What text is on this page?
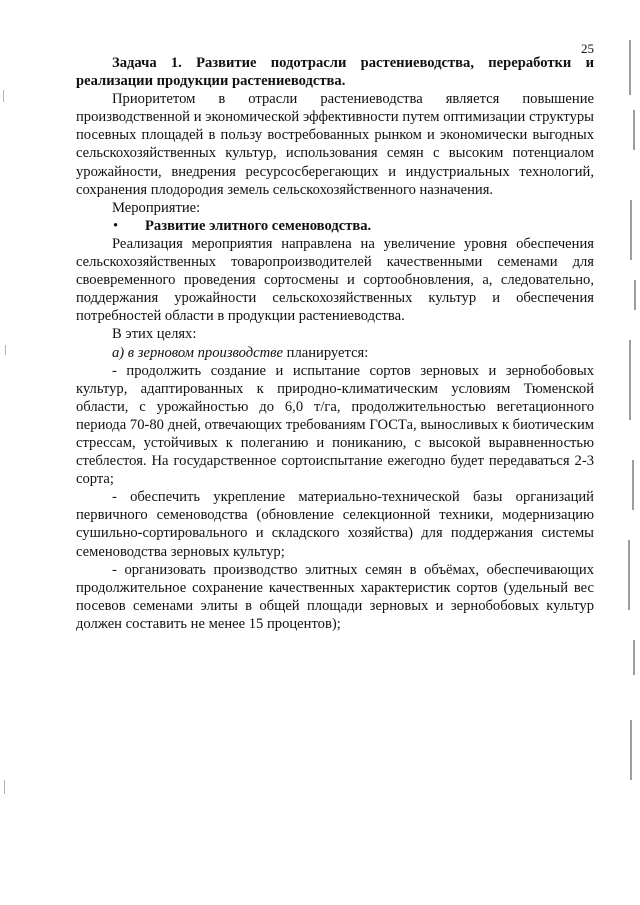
25

Задача 1. Развитие подотрасли растениеводства, переработки и реализации продукции растениеводства.

Приоритетом в отрасли растениеводства является повышение производственной и экономической эффективности путем оптимизации структуры посевных площадей в пользу востребованных рынком и экономически выгодных сельскохозяйственных культур, использования семян с высоким потенциалом урожайности, внедрения ресурсосберегающих и индустриальных технологий, сохранения плодородия земель сельскохозяйственного назначения.

Мероприятие:

•	Развитие элитного семеноводства.

Реализация мероприятия направлена на увеличение уровня обеспечения сельскохозяйственных товаропроизводителей качественными семенами для своевременного проведения сортосмены и сортообновления, а, следовательно, поддержания урожайности сельскохозяйственных культур и обеспечения потребностей области в продукции растениеводства.

В этих целях:

а) в зерновом производстве планируется:

- продолжить создание и испытание сортов зерновых и зернобобовых культур, адаптированных к природно-климатическим условиям Тюменской области, с урожайностью до 6,0 т/га, продолжительностью вегетационного периода 70-80 дней, отвечающих требованиям ГОСТа, выносливых к биотическим стрессам, устойчивых к полеганию и пониканию, с высокой выравненностью стеблестоя. На государственное сортоиспытание ежегодно будет передаваться 2-3 сорта;

- обеспечить укрепление материально-технической базы организаций первичного семеноводства (обновление селекционной техники, модернизацию сушильно-сортировального и складского хозяйства) для поддержания системы семеноводства зерновых культур;

- организовать производство элитных семян в объёмах, обеспечивающих продолжительное сохранение качественных характеристик сортов (удельный вес посевов семенами элиты в общей площади зерновых и зернобобовых культур должен составить не менее 15 процентов);
